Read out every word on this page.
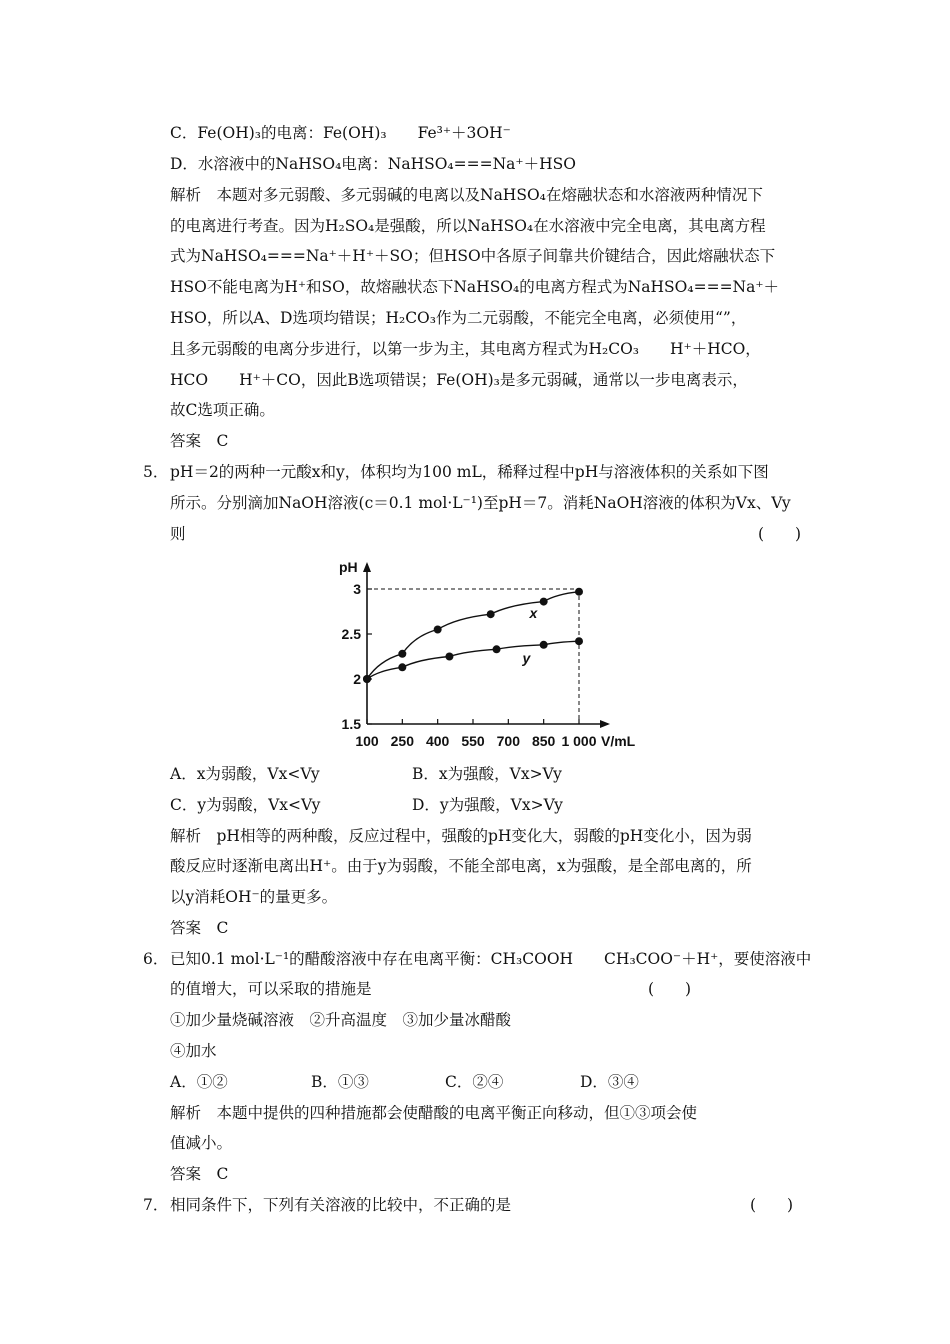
C．Fe(OH)₃的电离：Fe(OH)₃　　Fe³⁺＋3OH⁻
D．水溶液中的NaHSO₄电离：NaHSO₄===Na⁺＋HSO
解析　本题对多元弱酸、多元弱碱的电离以及NaHSO₄在熔融状态和水溶液两种情况下
的电离进行考查。因为H₂SO₄是强酸，所以NaHSO₄在水溶液中完全电离，其电离方程
式为NaHSO₄===Na⁺＋H⁺＋SO；但HSO中各原子间靠共价键结合，因此熔融状态下
HSO不能电离为H⁺和SO，故熔融状态下NaHSO₄的电离方程式为NaHSO₄===Na⁺＋
HSO，所以A、D选项均错误；H₂CO₃作为二元弱酸，不能完全电离，必须使用“”，
且多元弱酸的电离分步进行，以第一步为主，其电离方程式为H₂CO₃　　H⁺＋HCO，
HCO　　H⁺＋CO，因此B选项错误；Fe(OH)₃是多元弱碱，通常以一步电离表示，
故C选项正确。
答案　C
5． pH＝2的两种一元酸x和y，体积均为100 mL，稀释过程中pH与溶液体积的关系如下图
所示。分别滴加NaOH溶液(c＝0.1 mol·L⁻¹)至pH＝7。消耗NaOH溶液的体积为Vx、Vy
则	(　　)
pH
V/mL
100 250 400 550 700 850 1 000
1.5
2
2.5
3
x
y
A．x为弱酸，Vx<Vy	B．x为强酸，Vx>Vy
C．y为弱酸，Vx<Vy	D．y为强酸，Vx>Vy
解析　pH相等的两种酸，反应过程中，强酸的pH变化大，弱酸的pH变化小，因为弱
酸反应时逐渐电离出H⁺。由于y为弱酸，不能全部电离，x为强酸，是全部电离的，所
以y消耗OH⁻的量更多。
答案　C
6． 已知0.1 mol·L⁻¹的醋酸溶液中存在电离平衡：CH₃COOH　　CH₃COO⁻＋H⁺，要使溶液中
的值增大，可以采取的措施是	(　　)
①加少量烧碱溶液　②升高温度　③加少量冰醋酸
④加水
A．①②	B．①③	C．②④	D．③④
解析　本题中提供的四种措施都会使醋酸的电离平衡正向移动，但①③项会使
值减小。
答案　C
7． 相同条件下，下列有关溶液的比较中，不正确的是	(　　)
